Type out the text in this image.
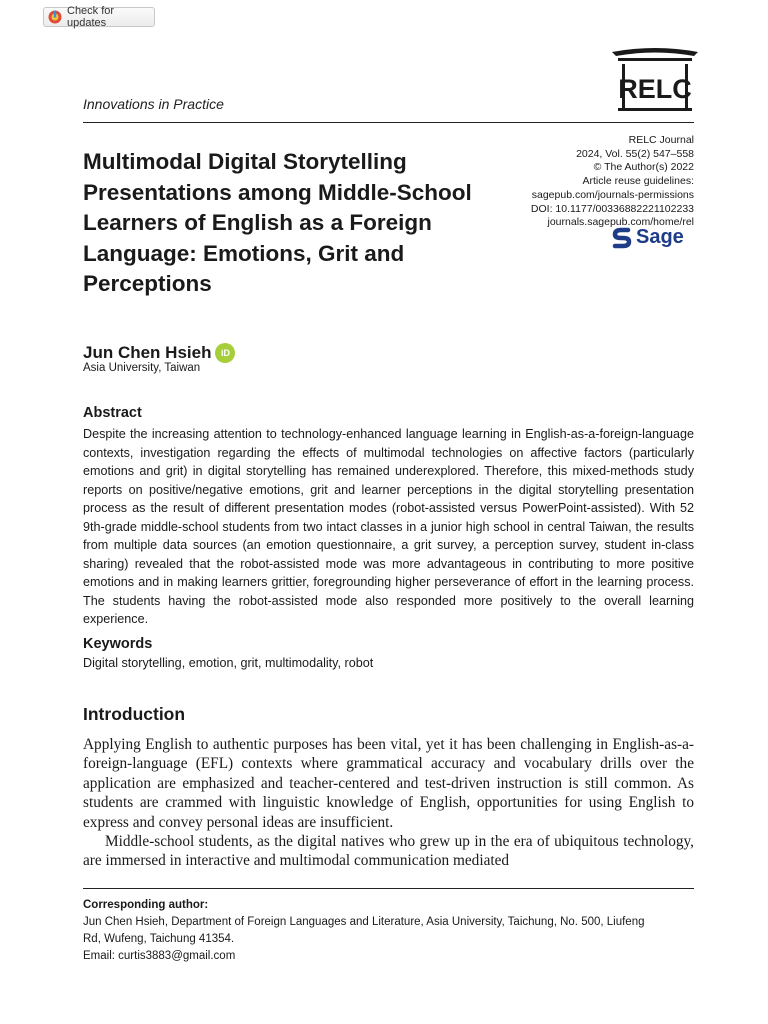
Check for updates
Innovations in Practice	RELC
Multimodal Digital Storytelling Presentations among Middle-School Learners of English as a Foreign Language: Emotions, Grit and Perceptions
RELC Journal
2024, Vol. 55(2) 547–558
© The Author(s) 2022
Article reuse guidelines:
sagepub.com/journals-permissions
DOI: 10.1177/00336882221102233
journals.sagepub.com/home/rel
Sage
Jun Chen Hsieh iD
Asia University, Taiwan
Abstract

Despite the increasing attention to technology-enhanced language learning in English-as-a-foreign-language contexts, investigation regarding the effects of multimodal technologies on affective factors (particularly emotions and grit) in digital storytelling has remained underexplored. Therefore, this mixed-methods study reports on positive/negative emotions, grit and learner perceptions in the digital storytelling presentation process as the result of different presentation modes (robot-assisted versus PowerPoint-assisted). With 52 9th-grade middle-school students from two intact classes in a junior high school in central Taiwan, the results from multiple data sources (an emotion questionnaire, a grit survey, a perception survey, student in-class sharing) revealed that the robot-assisted mode was more advantageous in contributing to more positive emotions and in making learners grittier, foregrounding higher perseverance of effort in the learning process. The students having the robot-assisted mode also responded more positively to the overall learning experience.

Keywords

Digital storytelling, emotion, grit, multimodality, robot

Introduction

Applying English to authentic purposes has been vital, yet it has been challenging in English-as-a-foreign-language (EFL) contexts where grammatical accuracy and vocabulary drills over the application are emphasized and teacher-centered and test-driven instruction is still common. As students are crammed with linguistic knowledge of English, opportunities for using English to express and convey personal ideas are insufficient.

Middle-school students, as the digital natives who grew up in the era of ubiquitous technology, are immersed in interactive and multimodal communication mediated

Corresponding author:
Jun Chen Hsieh, Department of Foreign Languages and Literature, Asia University, Taichung, No. 500, Liufeng
Rd, Wufeng, Taichung 41354.
Email: curtis3883@gmail.com
